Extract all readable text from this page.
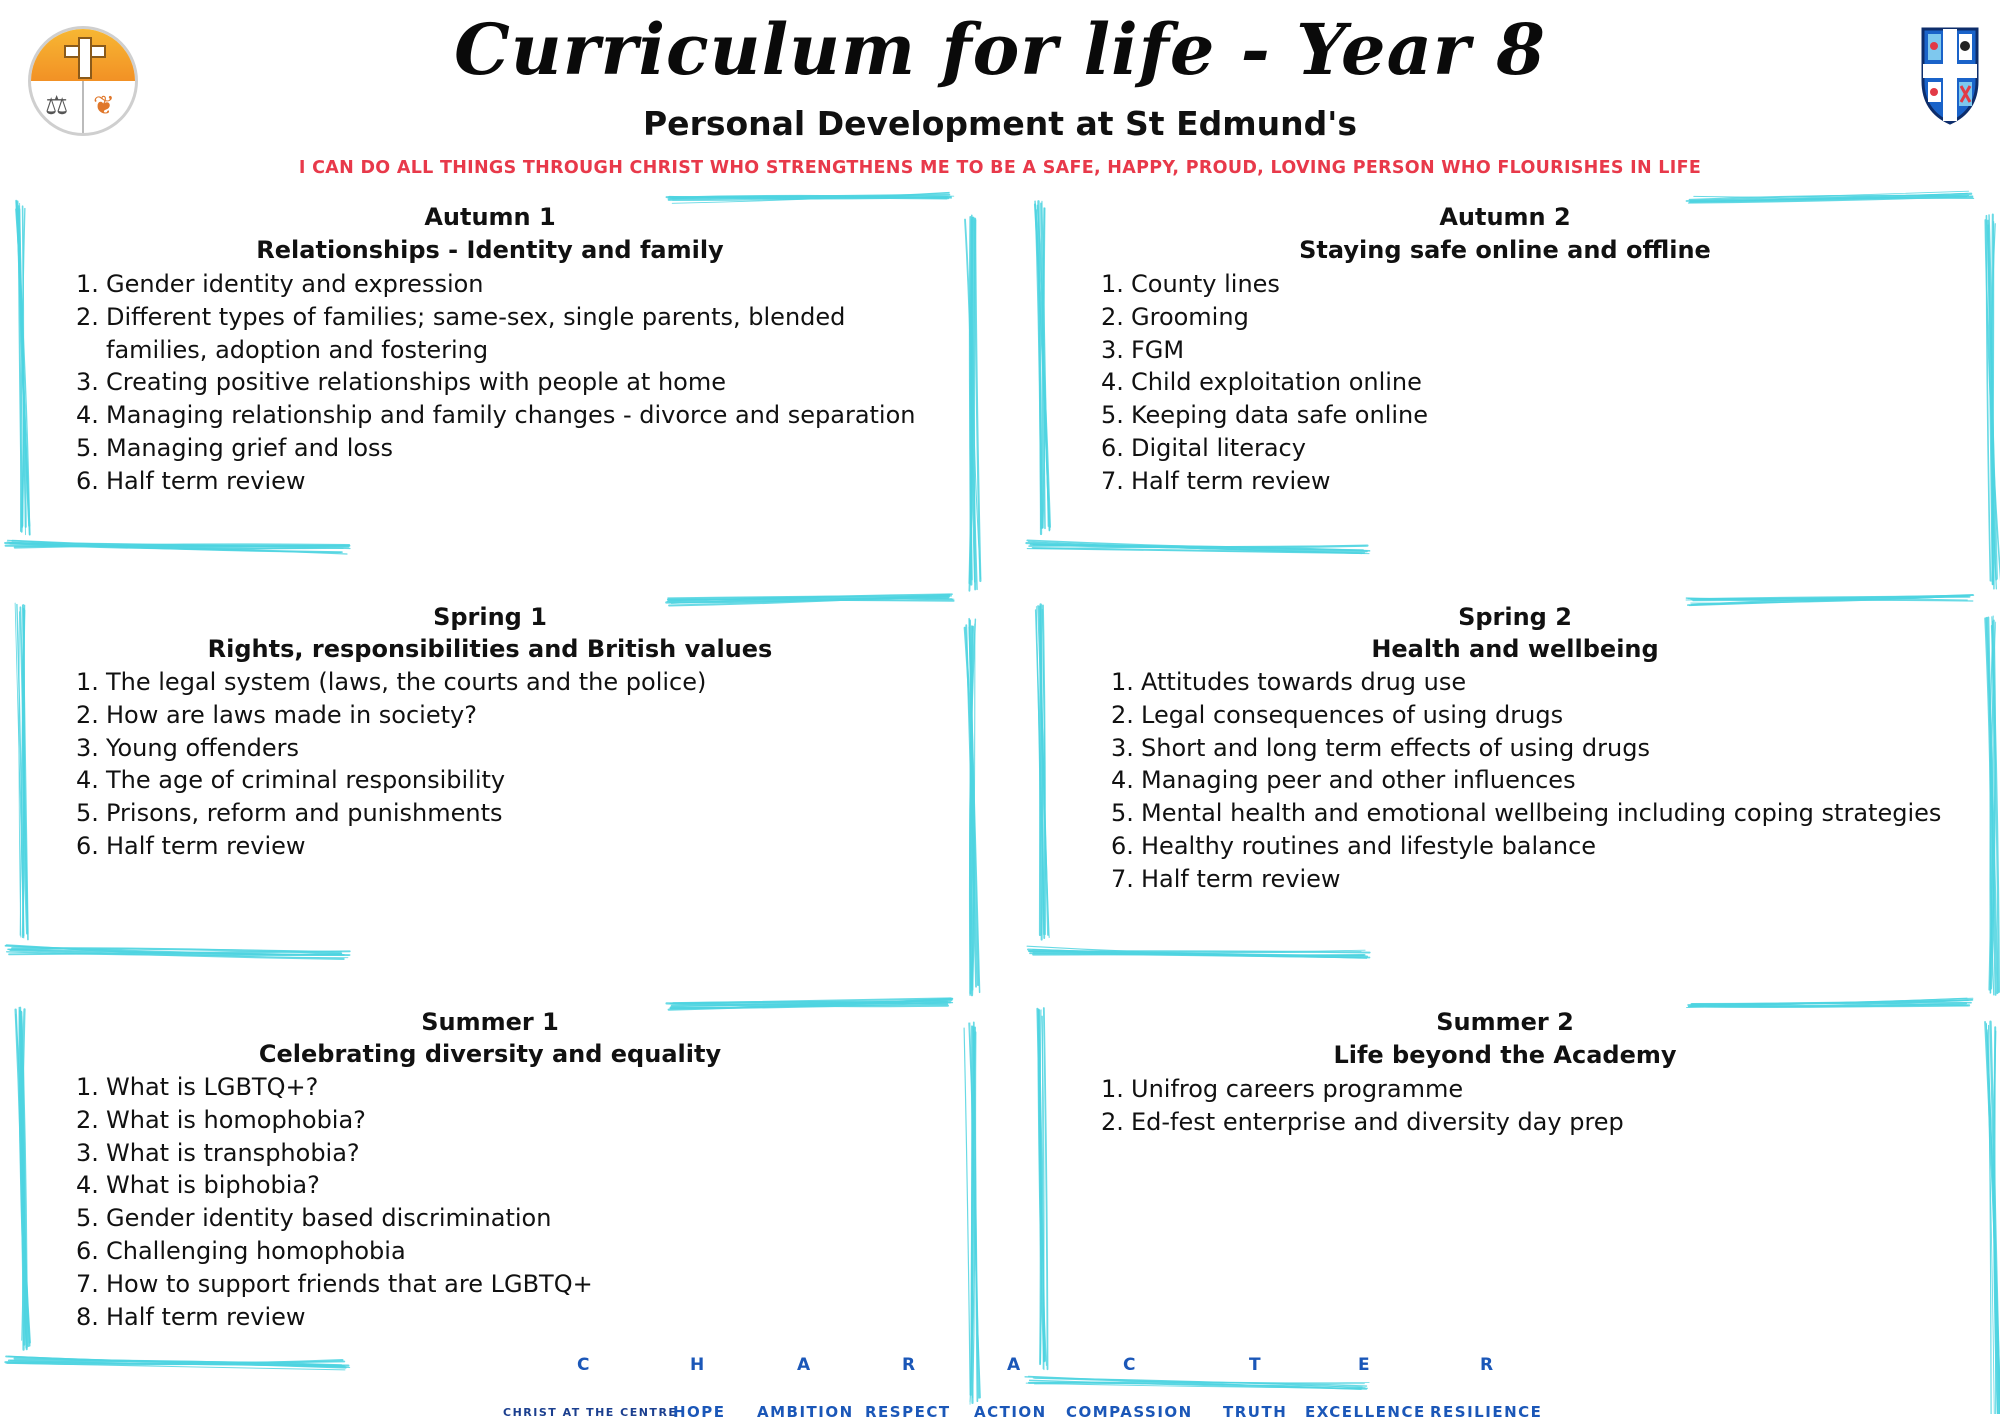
⚖ ❦
Curriculum for life - Year 8
Personal Development at St Edmund's
I CAN DO ALL THINGS THROUGH CHRIST WHO STRENGTHENS ME TO BE A SAFE, HAPPY, PROUD, LOVING PERSON WHO FLOURISHES IN LIFE
Autumn 1
Relationships - Identity and family
1. Gender identity and expression
2. Different types of families; same-sex, single parents, blended families, adoption and fostering
3. Creating positive relationships with people at home
4. Managing relationship and family changes - divorce and separation
5. Managing grief and loss
6. Half term review
Autumn 2
Staying safe online and offline
1. County lines
2. Grooming
3. FGM
4. Child exploitation online
5. Keeping data safe online
6. Digital literacy
7. Half term review
Spring 1
Rights, responsibilities and British values
1. The legal system (laws, the courts and the police)
2. How are laws made in society?
3. Young offenders
4. The age of criminal responsibility
5. Prisons, reform and punishments
6. Half term review
Spring 2
Health and wellbeing
1. Attitudes towards drug use
2. Legal consequences of using drugs
3. Short and long term effects of using drugs
4. Managing peer and other influences
5. Mental health and emotional wellbeing including coping strategies
6. Healthy routines and lifestyle balance
7. Half term review
Summer 1
Celebrating diversity and equality
1. What is LGBTQ+?
2. What is homophobia?
3. What is transphobia?
4. What is biphobia?
5. Gender identity based discrimination
6. Challenging homophobia
7. How to support friends that are LGBTQ+
8. Half term review
Summer 2
Life beyond the Academy
1. Unifrog careers programme
2. Ed-fest enterprise and diversity day prep
C	H	A	R	A	C	T	E	R
CHRIST AT THE CENTRE
HOPE AMBITION RESPECT ACTION COMPASSION TRUTH EXCELLENCE RESILIENCE
